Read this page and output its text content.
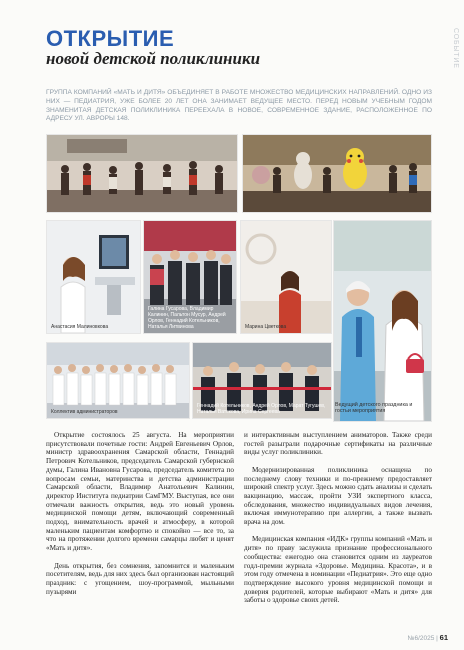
ОТКРЫТИЕ
новой детской поликлиники	СОБЫТИЕ
ГРУППА КОМПАНИЙ «МАТЬ И ДИТЯ» ОБЪЕДИНЯЕТ В РАБОТЕ МНОЖЕСТВО МЕДИЦИНСКИХ НАПРАВЛЕНИЙ. ОДНО ИЗ НИХ — ПЕДИАТРИЯ, УЖЕ БОЛЕЕ 20 ЛЕТ ОНА ЗАНИМАЕТ ВЕДУЩЕЕ МЕСТО. ПЕРЕД НОВЫМ УЧЕБНЫМ ГОДОМ ЗНАМЕНИТАЯ ДЕТСКАЯ ПОЛИКЛИНИКА ПЕРЕЕХАЛА В НОВОЕ, СОВРЕМЕННОЕ ЗДАНИЕ, РАСПОЛОЖЕННОЕ ПО АДРЕСУ УЛ. АВРОРЫ 148.
Анастасия Малиновкова
Галина Гусарова, Владимир Калинин, Пальтон Мусур, Андрей Орлов, Геннадий Котельников, Наталья Литвинова	Марина Цветкова
Коллектив администраторов
Геннадий Котельников, Андрей Орлов, Марат Тугушев, Наталья Ватскова, Ирина Сергеева
Ведущий детского праздника и гостьи мероприятия

Открытие состоялось 25 августа. На мероприятии присутствовали почетные гости: Андрей Евгеньевич Орлов, министр здравоохранения Самарской области, Геннадий Петрович Котельников, председатель Самарской губернской думы, Галина Ивановна Гусарова, председатель комитета по вопросам семьи, материнства и детства администрации Самарской области, Владимир Анатольевич Калинин, директор Института педиатрии СамГМУ. Выступая, все они отмечали важность открытия, ведь это новый уровень медицинской помощи детям, включающий современный подход, внимательность врачей и атмосферу, в которой маленьким пациентам комфортно и спокойно — все то, за что на протяжении долгого времени самарцы любят и ценят «Мать и дитя».

День открытия, без сомнения, запомнится и маленьким посетителям, ведь для них здесь был организован настоящий праздник: с угощением, шоу-программой, мыльными пузырями

и интерактивным выступлением аниматоров. Также среди гостей разыграли подарочные сертификаты на различные виды услуг поликлиники.

Модернизированная поликлиника оснащена по последнему слову техники и по-прежнему предоставляет широкий спектр услуг. Здесь можно сдать анализы и сделать вакцинацию, массаж, пройти УЗИ экспертного класса, обследования, множество индивидуальных видов лечения, включая иммунотерапию при аллергии, а также вызвать врача на дом.

Медицинская компания «ИДК» группы компаний «Мать и дитя» по праву заслужила признание профессионального сообщества: ежегодно она становится одним из лауреатов годл-премии журнала «Здоровье. Медицина. Красота», и в этом году отмечена в номинации «Педиатрия». Это еще одно подтверждение высокого уровня медицинской помощи и доверия родителей, которые выбирают «Мать и дитя» для заботы о здоровье своих детей.

№6/2025 | 61
